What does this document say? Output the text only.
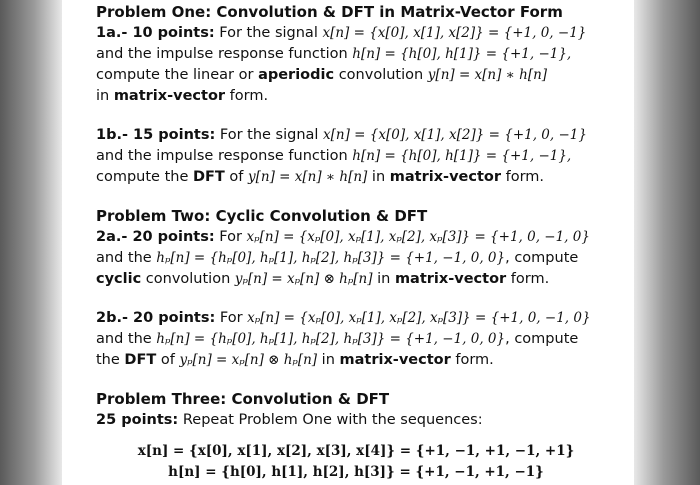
Problem One: Convolution & DFT in Matrix-Vector Form

1a.- 10 points: For the signal x[n] = {x[0], x[1], x[2]} = {+1, 0, −1}

and the impulse response function h[n] = {h[0], h[1]} = {+1, −1},

compute the linear or aperiodic convolution y[n] = x[n] ∗ h[n]

in matrix-vector form.

1b.- 15 points: For the signal x[n] = {x[0], x[1], x[2]} = {+1, 0, −1}

and the impulse response function h[n] = {h[0], h[1]} = {+1, −1},

compute the DFT of y[n] = x[n] ∗ h[n] in matrix-vector form.

Problem Two: Cyclic Convolution & DFT

2a.- 20 points: For xₚ[n] = {xₚ[0], xₚ[1], xₚ[2], xₚ[3]} = {+1, 0, −1, 0}

and the hₚ[n] = {hₚ[0], hₚ[1], hₚ[2], hₚ[3]} = {+1, −1, 0, 0}, compute

cyclic convolution yₚ[n] = xₚ[n] ⊗ hₚ[n] in matrix-vector form.

2b.- 20 points: For xₚ[n] = {xₚ[0], xₚ[1], xₚ[2], xₚ[3]} = {+1, 0, −1, 0}

and the hₚ[n] = {hₚ[0], hₚ[1], hₚ[2], hₚ[3]} = {+1, −1, 0, 0}, compute

the DFT of yₚ[n] = xₚ[n] ⊗ hₚ[n] in matrix-vector form.

Problem Three: Convolution & DFT

25 points: Repeat Problem One with the sequences:

x[n] = {x[0], x[1], x[2], x[3], x[4]} = {+1, −1, +1, −1, +1}

h[n] = {h[0], h[1], h[2], h[3]} = {+1, −1, +1, −1}
